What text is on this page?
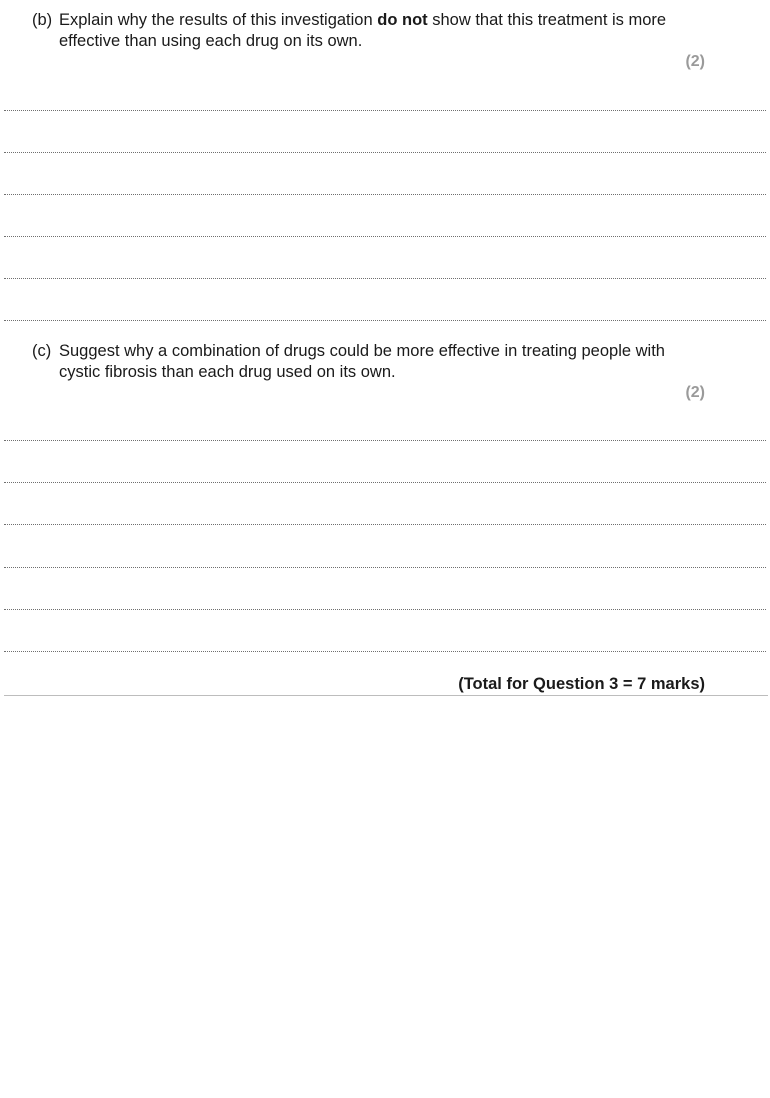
(b) Explain why the results of this investigation do not show that this treatment is more effective than using each drug on its own.
(2)
(c) Suggest why a combination of drugs could be more effective in treating people with cystic fibrosis than each drug used on its own.
(2)
(Total for Question 3 = 7 marks)
